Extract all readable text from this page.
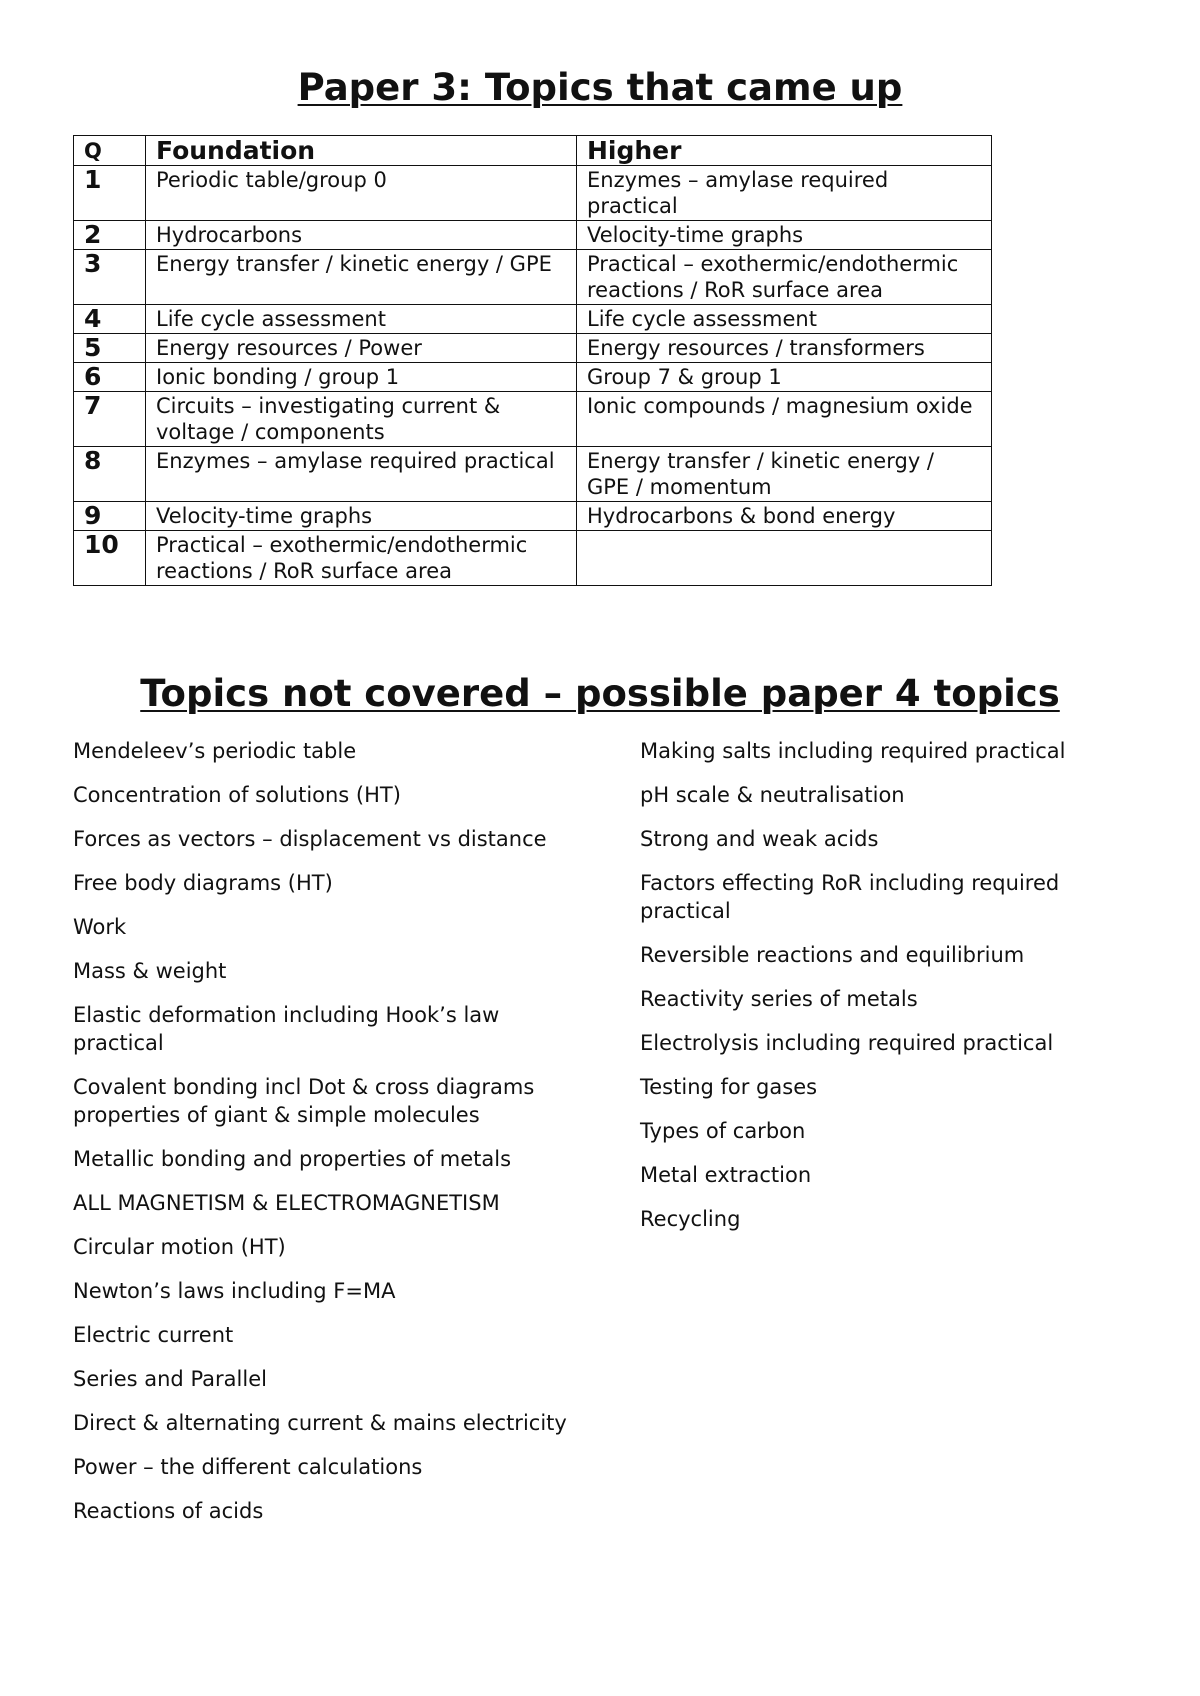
Paper 3: Topics that came up
Q	Foundation	Higher
1	Periodic table/group 0	Enzymes – amylase required practical
2	Hydrocarbons	Velocity-time graphs
3	Energy transfer / kinetic energy / GPE	Practical – exothermic/endothermic reactions / RoR surface area
4	Life cycle assessment	Life cycle assessment
5	Energy resources / Power	Energy resources / transformers
6	Ionic bonding / group 1	Group 7 & group 1
7	Circuits – investigating current & voltage / components	Ionic compounds / magnesium oxide
8	Enzymes – amylase required practical	Energy transfer / kinetic energy / GPE / momentum
9	Velocity-time graphs	Hydrocarbons & bond energy
10	Practical – exothermic/endothermic reactions / RoR surface area	
Topics not covered – possible paper 4 topics
Mendeleev’s periodic table
Concentration of solutions (HT)
Forces as vectors – displacement vs distance
Free body diagrams (HT)
Work
Mass & weight
Elastic deformation including Hook’s law practical
Covalent bonding incl Dot & cross diagrams properties of giant & simple molecules
Metallic bonding and properties of metals
ALL MAGNETISM & ELECTROMAGNETISM
Circular motion (HT)
Newton’s laws including F=MA
Electric current
Series and Parallel
Direct & alternating current & mains electricity
Power – the different calculations
Reactions of acids
Making salts including required practical
pH scale & neutralisation
Strong and weak acids
Factors effecting RoR including required practical
Reversible reactions and equilibrium
Reactivity series of metals
Electrolysis including required practical
Testing for gases
Types of carbon
Metal extraction
Recycling
